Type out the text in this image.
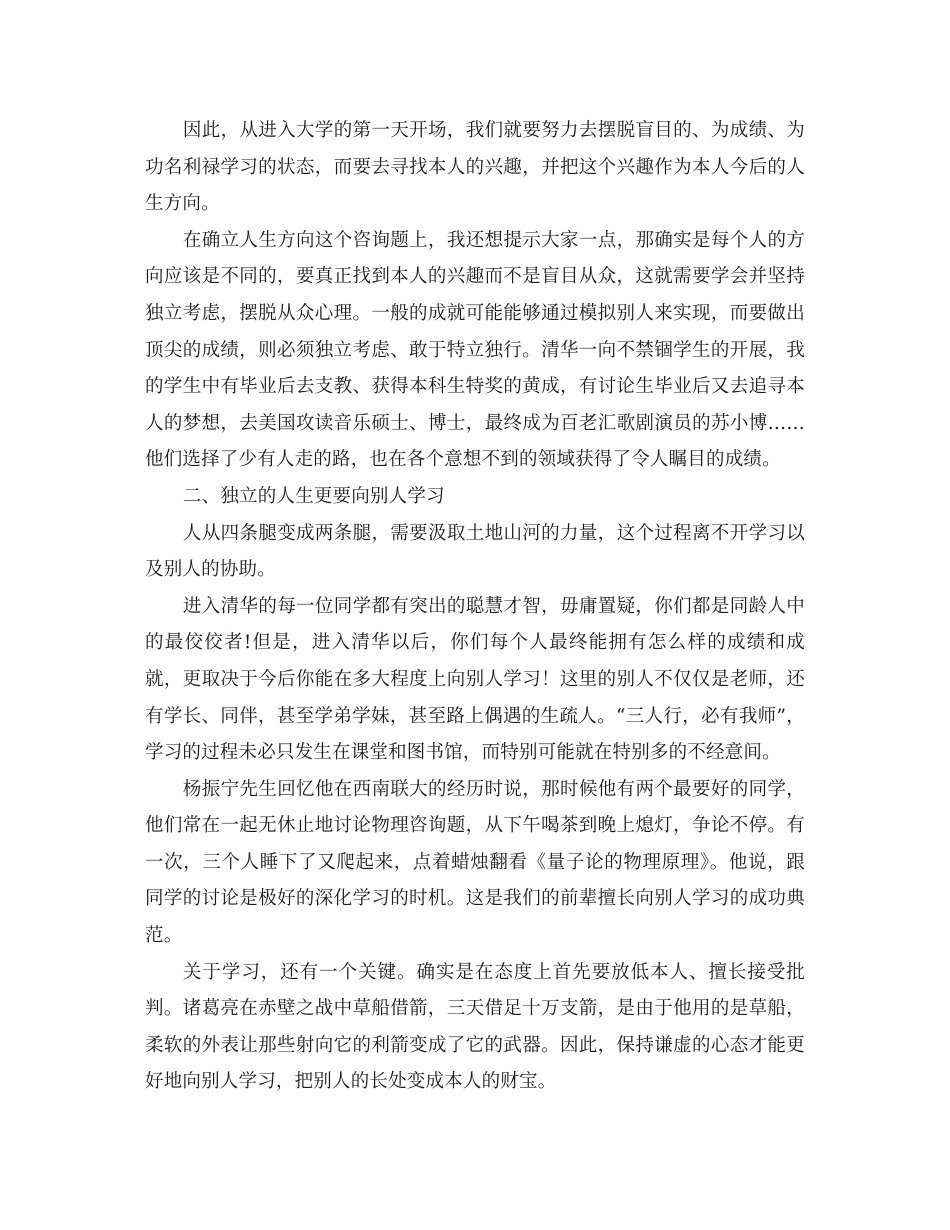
因此，从进入大学的第一天开场，我们就要努力去摆脱盲目的、为成绩、为功名利禄学习的状态，而要去寻找本人的兴趣，并把这个兴趣作为本人今后的人生方向。

在确立人生方向这个咨询题上，我还想提示大家一点，那确实是每个人的方向应该是不同的，要真正找到本人的兴趣而不是盲目从众，这就需要学会并坚持独立考虑，摆脱从众心理。一般的成就可能能够通过模拟别人来实现，而要做出顶尖的成绩，则必须独立考虑、敢于特立独行。清华一向不禁锢学生的开展，我的学生中有毕业后去支教、获得本科生特奖的黄成，有讨论生毕业后又去追寻本人的梦想，去美国攻读音乐硕士、博士，最终成为百老汇歌剧演员的苏小博……他们选择了少有人走的路，也在各个意想不到的领域获得了令人瞩目的成绩。

二、独立的人生更要向别人学习

人从四条腿变成两条腿，需要汲取土地山河的力量，这个过程离不开学习以及别人的协助。

进入清华的每一位同学都有突出的聪慧才智，毋庸置疑，你们都是同龄人中的最佼佼者!但是，进入清华以后，你们每个人最终能拥有怎么样的成绩和成就，更取决于今后你能在多大程度上向别人学习！这里的别人不仅仅是老师，还有学长、同伴，甚至学弟学妹，甚至路上偶遇的生疏人。“三人行，必有我师”，学习的过程未必只发生在课堂和图书馆，而特别可能就在特别多的不经意间。

杨振宁先生回忆他在西南联大的经历时说，那时候他有两个最要好的同学，他们常在一起无休止地讨论物理咨询题，从下午喝茶到晚上熄灯，争论不停。有一次，三个人睡下了又爬起来，点着蜡烛翻看《量子论的物理原理》。他说，跟同学的讨论是极好的深化学习的时机。这是我们的前辈擅长向别人学习的成功典范。

关于学习，还有一个关键。确实是在态度上首先要放低本人、擅长接受批判。诸葛亮在赤壁之战中草船借箭，三天借足十万支箭，是由于他用的是草船，柔软的外表让那些射向它的利箭变成了它的武器。因此，保持谦虚的心态才能更好地向别人学习，把别人的长处变成本人的财宝。
